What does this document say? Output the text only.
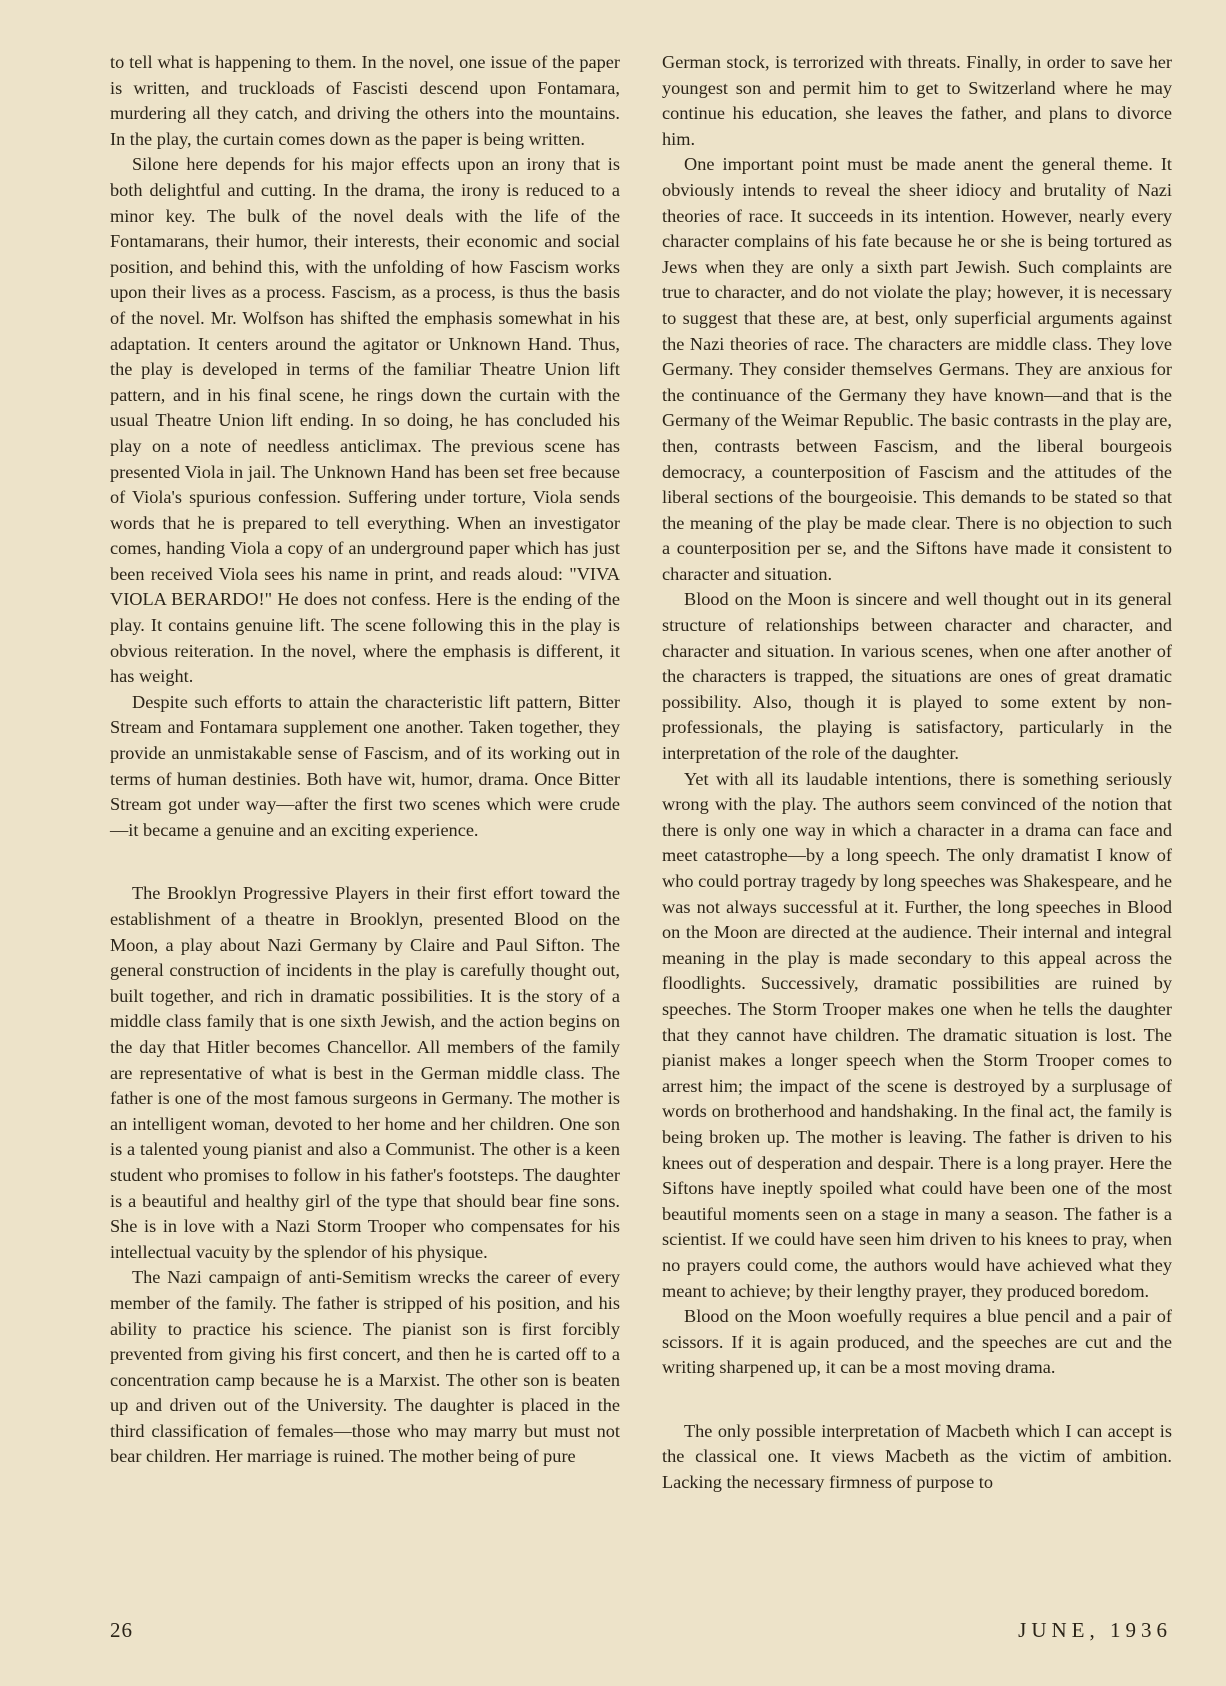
to tell what is happening to them. In the novel, one issue of the paper is written, and truckloads of Fascisti descend upon Fontamara, murdering all they catch, and driving the others into the mountains. In the play, the curtain comes down as the paper is being written.

Silone here depends for his major effects upon an irony that is both delightful and cutting. In the drama, the irony is reduced to a minor key. The bulk of the novel deals with the life of the Fontamarans, their humor, their interests, their economic and social position, and behind this, with the unfolding of how Fascism works upon their lives as a process. Fascism, as a process, is thus the basis of the novel. Mr. Wolfson has shifted the emphasis somewhat in his adaptation. It centers around the agitator or Unknown Hand. Thus, the play is developed in terms of the familiar Theatre Union lift pattern, and in his final scene, he rings down the curtain with the usual Theatre Union lift ending. In so doing, he has concluded his play on a note of needless anticlimax. The previous scene has presented Viola in jail. The Unknown Hand has been set free because of Viola's spurious confession. Suffering under torture, Viola sends words that he is prepared to tell everything. When an investigator comes, handing Viola a copy of an underground paper which has just been received Viola sees his name in print, and reads aloud: "VIVA VIOLA BERARDO!" He does not confess. Here is the ending of the play. It contains genuine lift. The scene following this in the play is obvious reiteration. In the novel, where the emphasis is different, it has weight.

Despite such efforts to attain the characteristic lift pattern, Bitter Stream and Fontamara supplement one another. Taken together, they provide an unmistakable sense of Fascism, and of its working out in terms of human destinies. Both have wit, humor, drama. Once Bitter Stream got under way—after the first two scenes which were crude—it became a genuine and an exciting experience.

The Brooklyn Progressive Players in their first effort toward the establishment of a theatre in Brooklyn, presented Blood on the Moon, a play about Nazi Germany by Claire and Paul Sifton. The general construction of incidents in the play is carefully thought out, built together, and rich in dramatic possibilities. It is the story of a middle class family that is one sixth Jewish, and the action begins on the day that Hitler becomes Chancellor. All members of the family are representative of what is best in the German middle class. The father is one of the most famous surgeons in Germany. The mother is an intelligent woman, devoted to her home and her children. One son is a talented young pianist and also a Communist. The other is a keen student who promises to follow in his father's footsteps. The daughter is a beautiful and healthy girl of the type that should bear fine sons. She is in love with a Nazi Storm Trooper who compensates for his intellectual vacuity by the splendor of his physique.

The Nazi campaign of anti-Semitism wrecks the career of every member of the family. The father is stripped of his position, and his ability to practice his science. The pianist son is first forcibly prevented from giving his first concert, and then he is carted off to a concentration camp because he is a Marxist. The other son is beaten up and driven out of the University. The daughter is placed in the third classification of females—those who may marry but must not bear children. Her marriage is ruined. The mother being of pure

German stock, is terrorized with threats. Finally, in order to save her youngest son and permit him to get to Switzerland where he may continue his education, she leaves the father, and plans to divorce him.

One important point must be made anent the general theme. It obviously intends to reveal the sheer idiocy and brutality of Nazi theories of race. It succeeds in its intention. However, nearly every character complains of his fate because he or she is being tortured as Jews when they are only a sixth part Jewish. Such complaints are true to character, and do not violate the play; however, it is necessary to suggest that these are, at best, only superficial arguments against the Nazi theories of race. The characters are middle class. They love Germany. They consider themselves Germans. They are anxious for the continuance of the Germany they have known—and that is the Germany of the Weimar Republic. The basic contrasts in the play are, then, contrasts between Fascism, and the liberal bourgeois democracy, a counterposition of Fascism and the attitudes of the liberal sections of the bourgeoisie. This demands to be stated so that the meaning of the play be made clear. There is no objection to such a counterposition per se, and the Siftons have made it consistent to character and situation.

Blood on the Moon is sincere and well thought out in its general structure of relationships between character and character, and character and situation. In various scenes, when one after another of the characters is trapped, the situations are ones of great dramatic possibility. Also, though it is played to some extent by non-professionals, the playing is satisfactory, particularly in the interpretation of the role of the daughter.

Yet with all its laudable intentions, there is something seriously wrong with the play. The authors seem convinced of the notion that there is only one way in which a character in a drama can face and meet catastrophe—by a long speech. The only dramatist I know of who could portray tragedy by long speeches was Shakespeare, and he was not always successful at it. Further, the long speeches in Blood on the Moon are directed at the audience. Their internal and integral meaning in the play is made secondary to this appeal across the floodlights. Successively, dramatic possibilities are ruined by speeches. The Storm Trooper makes one when he tells the daughter that they cannot have children. The dramatic situation is lost. The pianist makes a longer speech when the Storm Trooper comes to arrest him; the impact of the scene is destroyed by a surplusage of words on brotherhood and handshaking. In the final act, the family is being broken up. The mother is leaving. The father is driven to his knees out of desperation and despair. There is a long prayer. Here the Siftons have ineptly spoiled what could have been one of the most beautiful moments seen on a stage in many a season. The father is a scientist. If we could have seen him driven to his knees to pray, when no prayers could come, the authors would have achieved what they meant to achieve; by their lengthy prayer, they produced boredom.

Blood on the Moon woefully requires a blue pencil and a pair of scissors. If it is again produced, and the speeches are cut and the writing sharpened up, it can be a most moving drama.

The only possible interpretation of Macbeth which I can accept is the classical one. It views Macbeth as the victim of ambition. Lacking the necessary firmness of purpose to

26	JUNE, 1936
